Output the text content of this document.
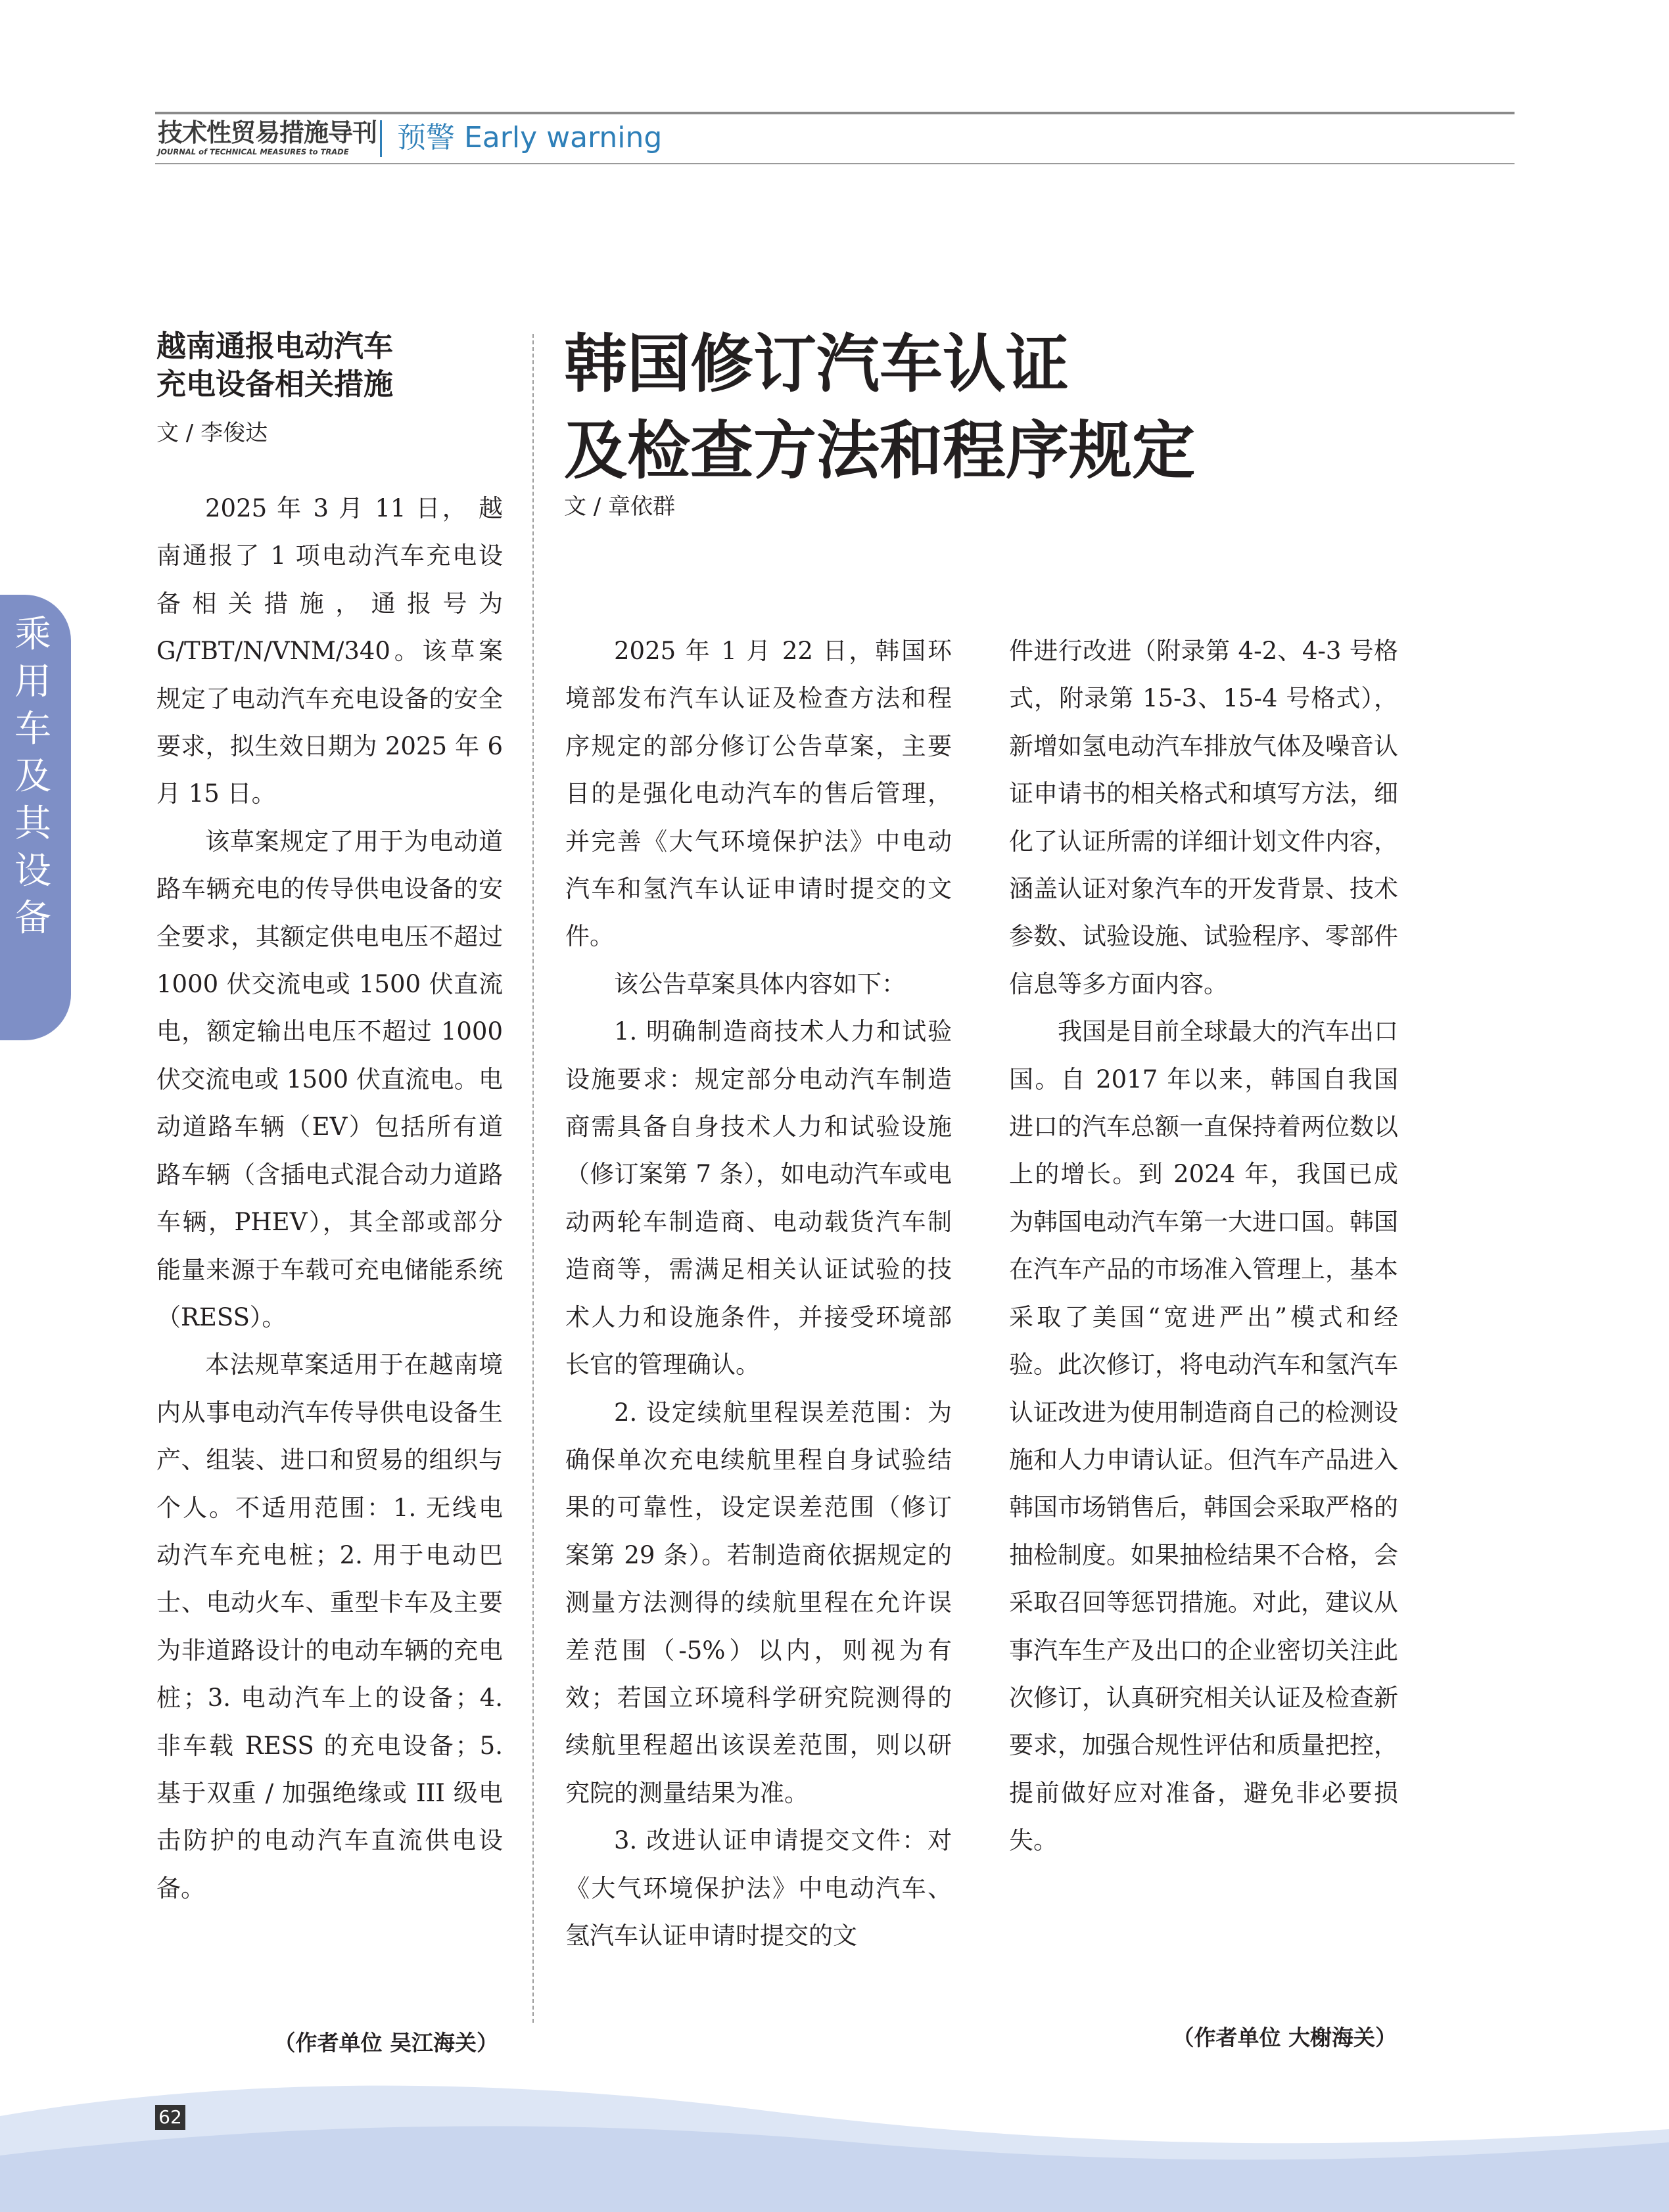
技术性贸易措施导刊
JOURNAL of TECHNICAL MEASURES to TRADE	预警 Early warning
乘
用
车
及
其
设
备
越南通报电动汽车
充电设备相关措施
文 / 李俊达

2025 年 3 月 11 日， 越南通报了 1 项电动汽车充电设备相关措施，通报号为 G/TBT/N/VNM/340。该草案规定了电动汽车充电设备的安全要求，拟生效日期为 2025 年 6 月 15 日。

该草案规定了用于为电动道路车辆充电的传导供电设备的安全要求，其额定供电电压不超过 1000 伏交流电或 1500 伏直流电，额定输出电压不超过 1000 伏交流电或 1500 伏直流电。电动道路车辆（EV）包括所有道路车辆（含插电式混合动力道路车辆，PHEV），其全部或部分能量来源于车载可充电储能系统（RESS）。

本法规草案适用于在越南境内从事电动汽车传导供电设备生产、组装、进口和贸易的组织与个人。不适用范围：1. 无线电动汽车充电桩；2. 用于电动巴士、电动火车、重型卡车及主要为非道路设计的电动车辆的充电桩；3. 电动汽车上的设备；4. 非车载 RESS 的充电设备；5. 基于双重 / 加强绝缘或 III 级电击防护的电动汽车直流供电设备。

（作者单位 吴江海关）
韩国修订汽车认证
及检查方法和程序规定
文 / 章依群

2025 年 1 月 22 日，韩国环境部发布汽车认证及检查方法和程序规定的部分修订公告草案，主要目的是强化电动汽车的售后管理，并完善《大气环境保护法》中电动汽车和氢汽车认证申请时提交的文件。

该公告草案具体内容如下：

1. 明确制造商技术人力和试验设施要求：规定部分电动汽车制造商需具备自身技术人力和试验设施（修订案第 7 条），如电动汽车或电动两轮车制造商、电动载货汽车制造商等，需满足相关认证试验的技术人力和设施条件，并接受环境部长官的管理确认。

2. 设定续航里程误差范围：为确保单次充电续航里程自身试验结果的可靠性，设定误差范围（修订案第 29 条）。若制造商依据规定的测量方法测得的续航里程在允许误差范围（-5%）以内，则视为有效；若国立环境科学研究院测得的续航里程超出该误差范围，则以研究院的测量结果为准。

3. 改进认证申请提交文件：对《大气环境保护法》中电动汽车、氢汽车认证申请时提交的文

件进行改进（附录第 4-2、4-3 号格式，附录第 15-3、15-4 号格式），新增如氢电动汽车排放气体及噪音认证申请书的相关格式和填写方法，细化了认证所需的详细计划文件内容，涵盖认证对象汽车的开发背景、技术参数、试验设施、试验程序、零部件信息等多方面内容。

我国是目前全球最大的汽车出口国。自 2017 年以来，韩国自我国进口的汽车总额一直保持着两位数以上的增长。到 2024 年，我国已成为韩国电动汽车第一大进口国。韩国在汽车产品的市场准入管理上，基本采取了美国“宽进严出”模式和经验。此次修订，将电动汽车和氢汽车认证改进为使用制造商自己的检测设施和人力申请认证。但汽车产品进入韩国市场销售后，韩国会采取严格的抽检制度。如果抽检结果不合格，会采取召回等惩罚措施。对此，建议从事汽车生产及出口的企业密切关注此次修订，认真研究相关认证及检查新要求，加强合规性评估和质量把控，提前做好应对准备，避免非必要损失。

（作者单位 大榭海关）
62
